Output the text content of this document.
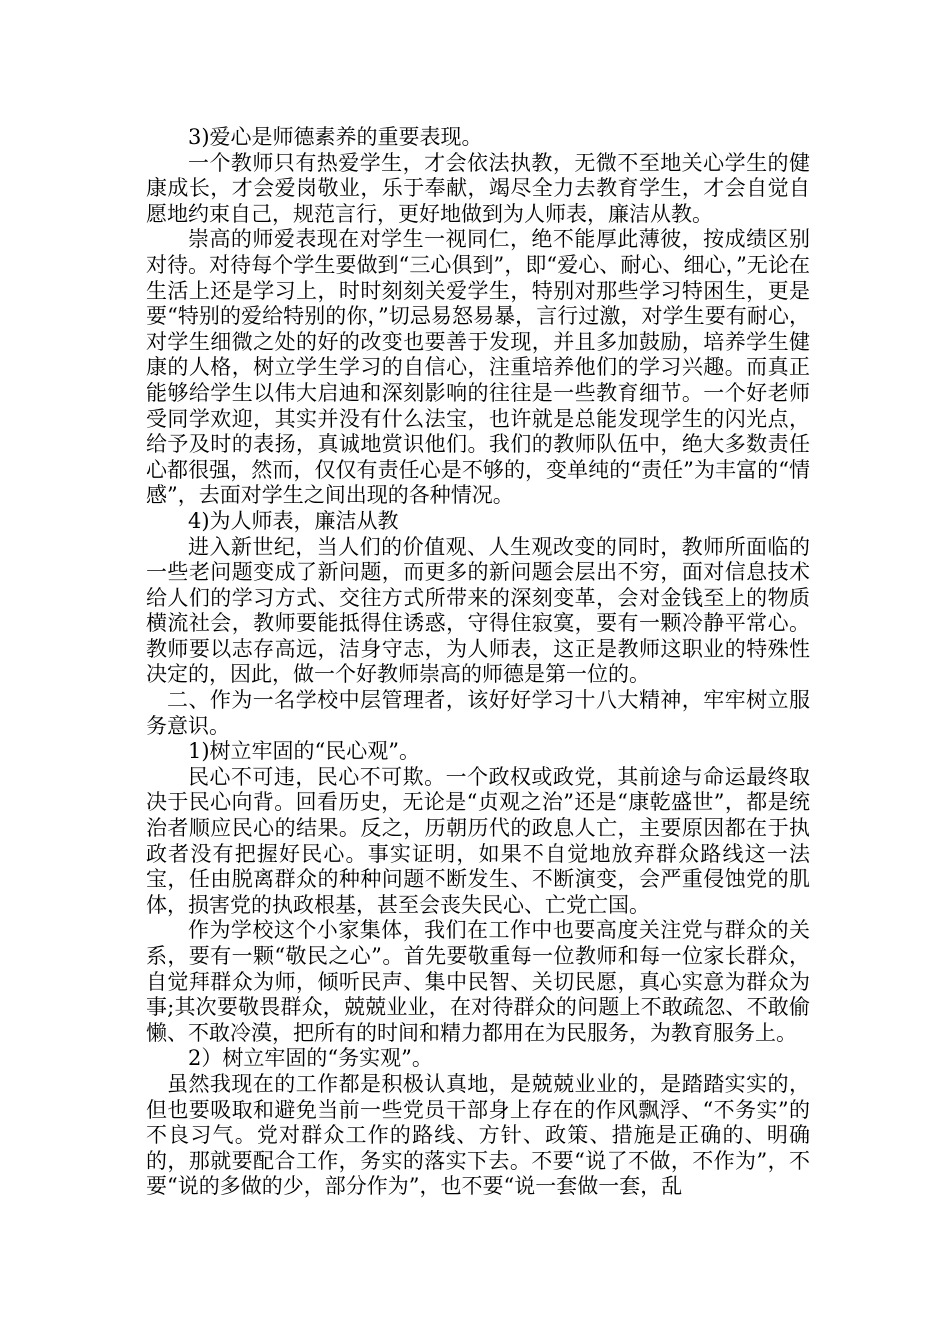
3)爱心是师德素养的重要表现。

一个教师只有热爱学生，才会依法执教，无微不至地关心学生的健康成长，才会爱岗敬业，乐于奉献，竭尽全力去教育学生，才会自觉自愿地约束自己，规范言行，更好地做到为人师表，廉洁从教。

崇高的师爱表现在对学生一视同仁，绝不能厚此薄彼，按成绩区别对待。对待每个学生要做到“三心俱到”，即“爱心、耐心、细心，”无论在生活上还是学习上，时时刻刻关爱学生，特别对那些学习特困生，更是要“特别的爱给特别的你，”切忌易怒易暴，言行过激，对学生要有耐心，对学生细微之处的好的改变也要善于发现，并且多加鼓励，培养学生健康的人格，树立学生学习的自信心，注重培养他们的学习兴趣。而真正能够给学生以伟大启迪和深刻影响的往往是一些教育细节。一个好老师受同学欢迎，其实并没有什么法宝，也许就是总能发现学生的闪光点，给予及时的表扬，真诚地赏识他们。我们的教师队伍中，绝大多数责任心都很强，然而，仅仅有责任心是不够的，变单纯的“责任”为丰富的“情感”，去面对学生之间出现的各种情况。

4)为人师表，廉洁从教

进入新世纪，当人们的价值观、人生观改变的同时，教师所面临的一些老问题变成了新问题，而更多的新问题会层出不穷，面对信息技术给人们的学习方式、交往方式所带来的深刻变革，会对金钱至上的物质横流社会，教师要能抵得住诱惑，守得住寂寞，要有一颗冷静平常心。教师要以志存高远，洁身守志，为人师表，这正是教师这职业的特殊性决定的，因此，做一个好教师崇高的师德是第一位的。

二、作为一名学校中层管理者，该好好学习十八大精神，牢牢树立服务意识。

1)树立牢固的“民心观”。

民心不可违，民心不可欺。一个政权或政党，其前途与命运最终取决于民心向背。回看历史，无论是“贞观之治”还是“康乾盛世”，都是统治者顺应民心的结果。反之，历朝历代的政息人亡，主要原因都在于执政者没有把握好民心。事实证明，如果不自觉地放弃群众路线这一法宝，任由脱离群众的种种问题不断发生、不断演变，会严重侵蚀党的肌体，损害党的执政根基，甚至会丧失民心、亡党亡国。

作为学校这个小家集体，我们在工作中也要高度关注党与群众的关系，要有一颗“敬民之心”。首先要敬重每一位教师和每一位家长群众，自觉拜群众为师，倾听民声、集中民智、关切民愿，真心实意为群众为事;其次要敬畏群众，兢兢业业，在对待群众的问题上不敢疏忽、不敢偷懒、不敢冷漠，把所有的时间和精力都用在为民服务，为教育服务上。

2）树立牢固的“务实观”。

虽然我现在的工作都是积极认真地，是兢兢业业的，是踏踏实实的，但也要吸取和避免当前一些党员干部身上存在的作风飘浮、“不务实”的不良习气。党对群众工作的路线、方针、政策、措施是正确的、明确的，那就要配合工作，务实的落实下去。不要“说了不做，不作为”，不要“说的多做的少，部分作为”，也不要“说一套做一套，乱
